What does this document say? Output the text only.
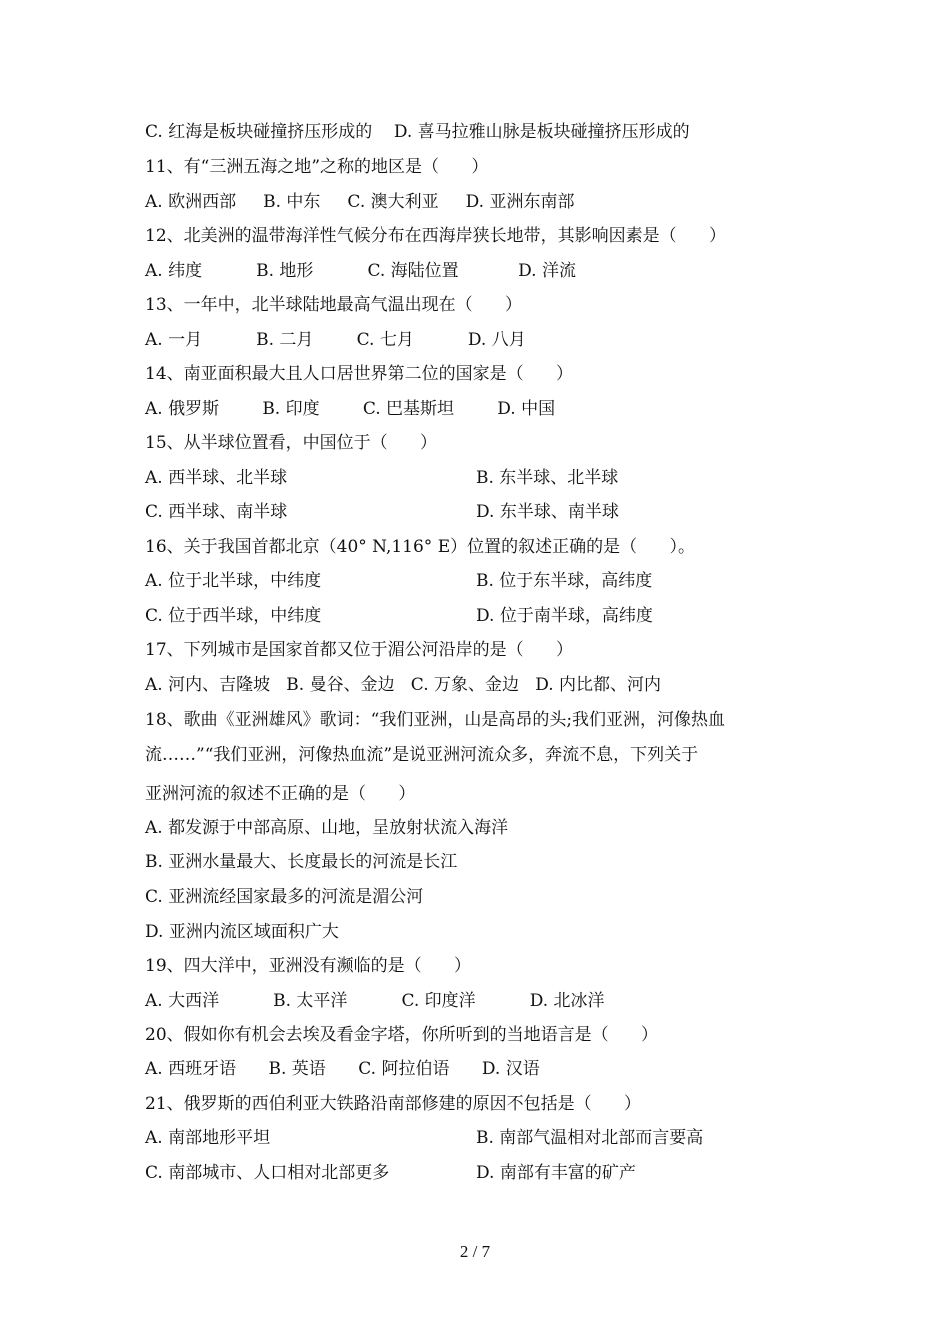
C. 红海是板块碰撞挤压形成的    D. 喜马拉雅山脉是板块碰撞挤压形成的
11、有“三洲五海之地”之称的地区是（      ）
A. 欧洲西部     B. 中东     C. 澳大利亚     D. 亚洲东南部
12、北美洲的温带海洋性气候分布在西海岸狭长地带，其影响因素是（      ）
A. 纬度          B. 地形          C. 海陆位置           D. 洋流
13、一年中，北半球陆地最高气温出现在（      ）
A. 一月          B. 二月        C. 七月          D. 八月
14、南亚面积最大且人口居世界第二位的国家是（      ）
A. 俄罗斯        B. 印度        C. 巴基斯坦        D. 中国
15、从半球位置看，中国位于（      ）
A. 西半球、北半球	B. 东半球、北半球
C. 西半球、南半球	D. 东半球、南半球
16、关于我国首都北京（40° N,116° E）位置的叙述正确的是（      ）。
A. 位于北半球，中纬度	B. 位于东半球，高纬度
C. 位于西半球，中纬度	D. 位于南半球，高纬度
17、下列城市是国家首都又位于湄公河沿岸的是（      ）
A. 河内、吉隆坡   B. 曼谷、金边   C. 万象、金边   D. 内比都、河内
18、歌曲《亚洲雄风》歌词：“我们亚洲，山是高昂的头;我们亚洲，河像热血
流……”“我们亚洲，河像热血流”是说亚洲河流众多，奔流不息，下列关于
亚洲河流的叙述不正确的是（      ）
A. 都发源于中部高原、山地，呈放射状流入海洋
B. 亚洲水量最大、长度最长的河流是长江
C. 亚洲流经国家最多的河流是湄公河
D. 亚洲内流区域面积广大
19、四大洋中，亚洲没有濒临的是（      ）
A. 大西洋          B. 太平洋          C. 印度洋          D. 北冰洋
20、假如你有机会去埃及看金字塔，你所听到的当地语言是（      ）
A. 西班牙语      B. 英语      C. 阿拉伯语      D. 汉语
21、俄罗斯的西伯利亚大铁路沿南部修建的原因不包括是（      ）
A. 南部地形平坦	B. 南部气温相对北部而言要高
C. 南部城市、人口相对北部更多	D. 南部有丰富的矿产
2 / 7
